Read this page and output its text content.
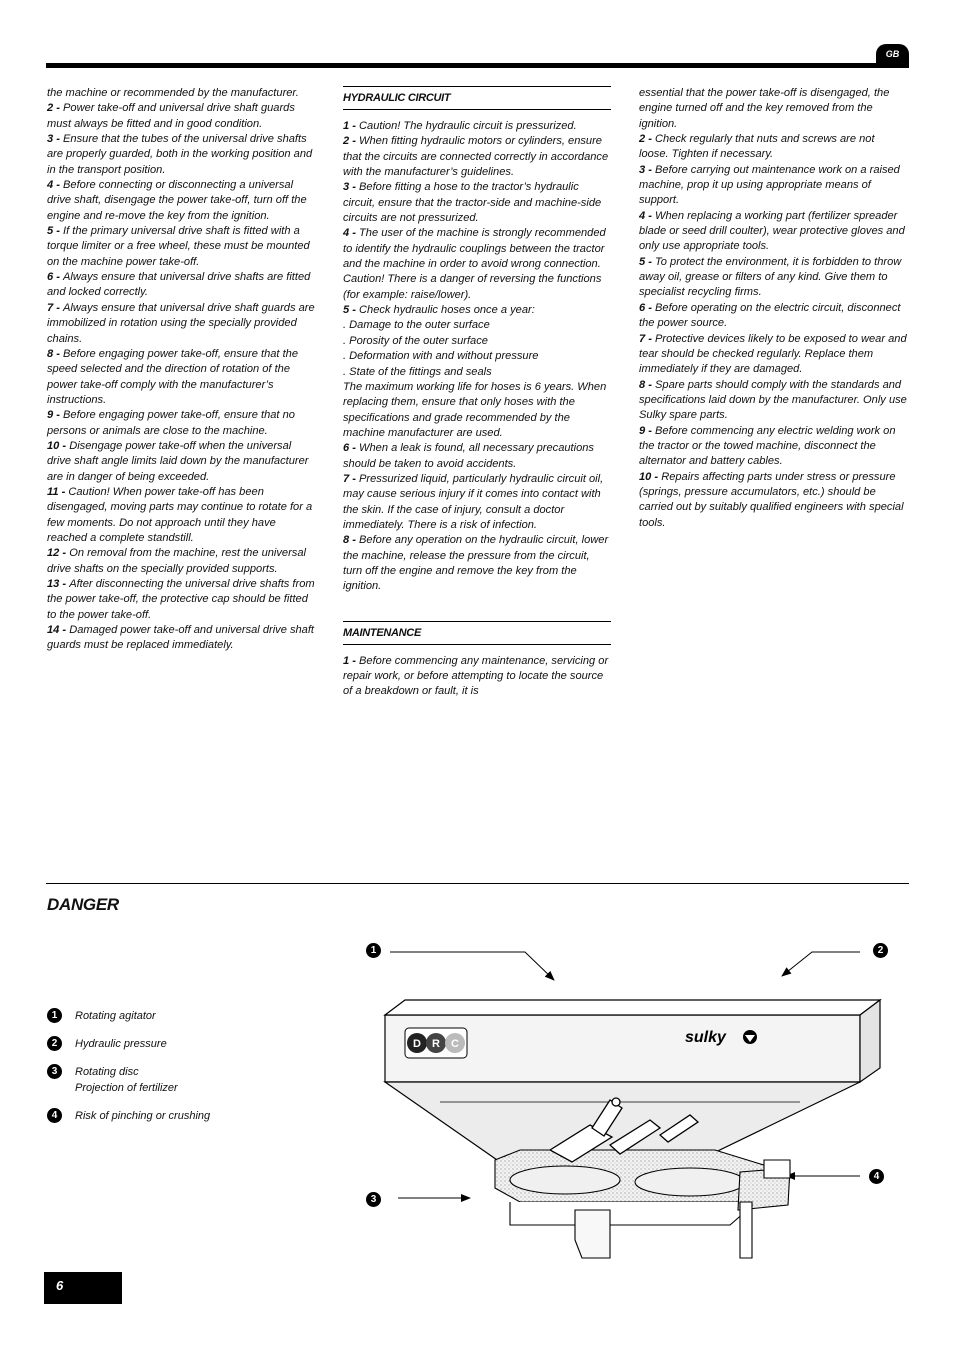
GB

the machine or recommended by the manufacturer.

2 - Power take-off and universal drive shaft guards must always be fitted and in good condition.

3 - Ensure that the tubes of the universal drive shafts are properly guarded, both in the working position and in the transport position.

4 - Before connecting or disconnecting a universal drive shaft, disengage the power take-off, turn off the engine and re-move the key from the ignition.

5 - If the primary universal drive shaft is fitted with a torque limiter or a free wheel, these must be mounted on the machine power take-off.

6 - Always ensure that universal drive shafts are fitted and locked correctly.

7 - Always ensure that universal drive shaft guards are immobilized in rotation using the specially provided chains.

8 - Before engaging power take-off, ensure that the speed selected and the direction of rotation of the power take-off comply with the manufacturer’s instructions.

9 - Before engaging power take-off, ensure that no persons or animals are close to the machine.

10 - Disengage power take-off when the universal drive shaft angle limits laid down by the manufacturer are in danger of being exceeded.

11 - Caution! When power take-off has been disengaged, moving parts may continue to rotate for a few moments. Do not approach until they have reached a complete standstill.

12 - On removal from the machine, rest the universal drive shafts on the specially provided supports.

13 - After disconnecting the universal drive shafts from the power take-off, the protective cap should be fitted to the power take-off.

14 - Damaged power take-off and universal drive shaft guards must be replaced immediately.

HYDRAULIC CIRCUIT

1 - Caution! The hydraulic circuit is pressurized.

2 - When fitting hydraulic motors or cylinders, ensure that the circuits are connected correctly in accordance with the manufacturer’s guidelines.

3 - Before fitting a hose to the tractor’s hydraulic circuit, ensure that the tractor-side and machine-side circuits are not pressurized.

4 - The user of the machine is strongly recommended to identify the hydraulic couplings between the tractor and the machine in order to avoid wrong connection. Caution! There is a danger of reversing the functions (for example: raise/lower).

5 - Check hydraulic hoses once a year:

. Damage to the outer surface

. Porosity of the outer surface

. Deformation with and without pressure

. State of the fittings and seals

The maximum working life for hoses is 6 years. When replacing them, ensure that only hoses with the specifications and grade recommended by the machine manufacturer are used.

6 - When a leak is found, all necessary precautions should be taken to avoid accidents.

7 - Pressurized liquid, particularly hydraulic circuit oil, may cause serious injury if it comes into contact with the skin. If the case of injury, consult a doctor immediately. There is a risk of infection.

8 - Before any operation on the hydraulic circuit, lower the machine, release the pressure from the circuit, turn off the engine and remove the key from the ignition.

MAINTENANCE

1 - Before commencing any maintenance, servicing or repair work, or before attempting to locate the source of a breakdown or fault, it is

essential that the power take-off is disengaged, the engine turned off and the key removed from the ignition.

2 - Check regularly that nuts and screws are not loose. Tighten if necessary.

3 - Before carrying out maintenance work on a raised machine, prop it up using appropriate means of support.

4 - When replacing a working part (fertilizer spreader blade or seed drill coulter), wear protective gloves and only use appropriate tools.

5 - To protect the environment, it is forbidden to throw away oil, grease or filters of any kind. Give them to specialist recycling firms.

6 - Before operating on the electric circuit, disconnect the power source.

7 - Protective devices likely to be exposed to wear and tear should be checked regularly. Replace them immediately if they are damaged.

8 - Spare parts should comply with the standards and specifications laid down by the manufacturer. Only use Sulky spare parts.

9 - Before commencing any electric welding work on the tractor or the towed machine, disconnect the alternator and battery cables.

10 - Repairs affecting parts under stress or pressure (springs, pressure accumulators, etc.) should be carried out by suitably qualified engineers with special tools.

DANGER
1	Rotating agitator
2	Hydraulic pressure
3	Rotating disc
Projection of fertilizer
4	Risk of pinching or crushing
1	2
3
4
D R C	sulky
6
